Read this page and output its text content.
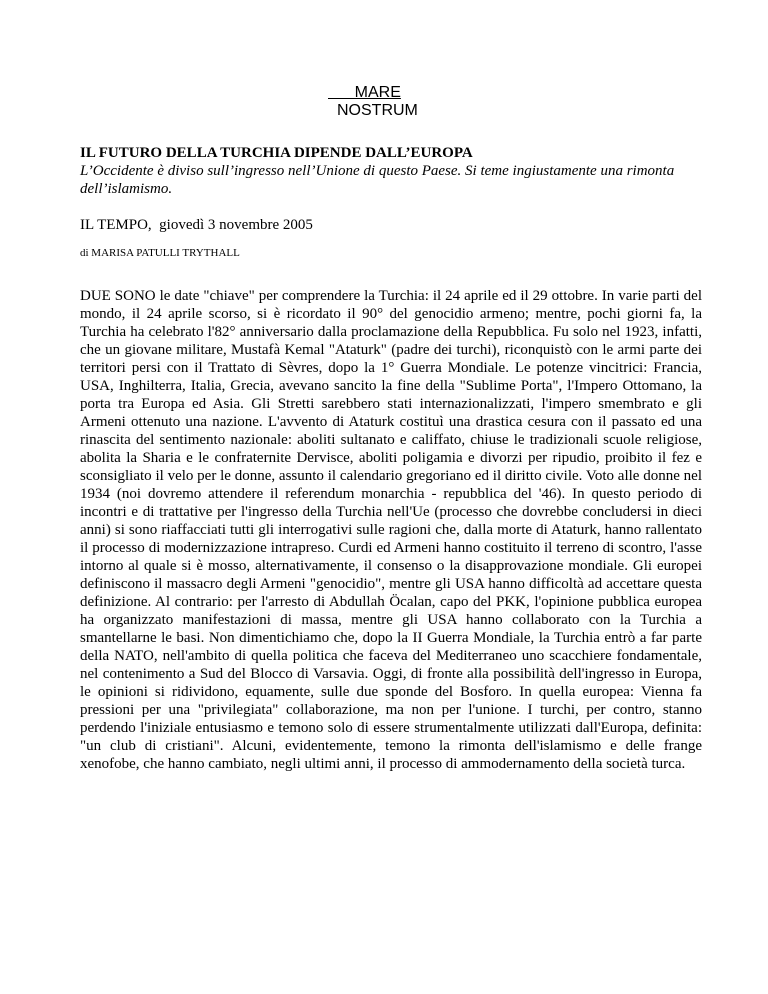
MARE
NOSTRUM

IL FUTURO DELLA TURCHIA DIPENDE DALL’EUROPA

L’Occidente è diviso sull’ingresso nell’Unione di questo Paese. Si teme ingiustamente una rimonta dell’islamismo.

IL TEMPO,  giovedì 3 novembre 2005

di MARISA PATULLI TRYTHALL

DUE SONO le date "chiave" per comprendere la Turchia: il 24 aprile ed il 29 ottobre. In varie parti del mondo, il 24 aprile scorso, si è ricordato il 90° del genocidio armeno; mentre, pochi giorni fa, la Turchia ha celebrato l'82° anniversario dalla proclamazione della Repubblica. Fu solo nel 1923, infatti, che un giovane militare, Mustafà Kemal "Ataturk" (padre dei turchi), riconquistò con le armi parte dei territori persi con il Trattato di Sèvres, dopo la 1° Guerra Mondiale. Le potenze vincitrici: Francia, USA, Inghilterra, Italia, Grecia, avevano sancito la fine della "Sublime Porta", l'Impero Ottomano, la porta tra Europa ed Asia. Gli Stretti sarebbero stati internazionalizzati, l'impero smembrato e gli Armeni ottenuto una nazione. L'avvento di Ataturk costituì una drastica cesura con il passato ed una rinascita del sentimento nazionale: aboliti sultanato e califfato, chiuse le tradizionali scuole religiose, abolita la Sharia e le confraternite Dervisce, aboliti poligamia e divorzi per ripudio, proibito il fez e sconsigliato il velo per le donne, assunto il calendario gregoriano ed il diritto civile. Voto alle donne nel 1934 (noi dovremo attendere il referendum monarchia - repubblica del '46). In questo periodo di incontri e di trattative per l'ingresso della Turchia nell'Ue (processo che dovrebbe concludersi in dieci anni) si sono riaffacciati tutti gli interrogativi sulle ragioni che, dalla morte di Ataturk, hanno rallentato il processo di modernizzazione intrapreso. Curdi ed Armeni hanno costituito il terreno di scontro, l'asse intorno al quale si è mosso, alternativamente, il consenso o la disapprovazione mondiale. Gli europei definiscono il massacro degli Armeni "genocidio", mentre gli USA hanno difficoltà ad accettare questa definizione. Al contrario: per l'arresto di Abdullah Öcalan, capo del PKK, l'opinione pubblica europea ha organizzato manifestazioni di massa, mentre gli USA hanno collaborato con la Turchia a smantellarne le basi. Non dimentichiamo che, dopo la II Guerra Mondiale, la Turchia entrò a far parte della NATO, nell'ambito di quella politica che faceva del Mediterraneo uno scacchiere fondamentale, nel contenimento a Sud del Blocco di Varsavia. Oggi, di fronte alla possibilità dell'ingresso in Europa, le opinioni si ridividono, equamente, sulle due sponde del Bosforo. In quella europea: Vienna fa pressioni per una "privilegiata" collaborazione, ma non per l'unione. I turchi, per contro, stanno perdendo l'iniziale entusiasmo e temono solo di essere strumentalmente utilizzati dall'Europa, definita: "un club di cristiani". Alcuni, evidentemente, temono la rimonta dell'islamismo e delle frange xenofobe, che hanno cambiato, negli ultimi anni, il processo di ammodernamento della società turca.
